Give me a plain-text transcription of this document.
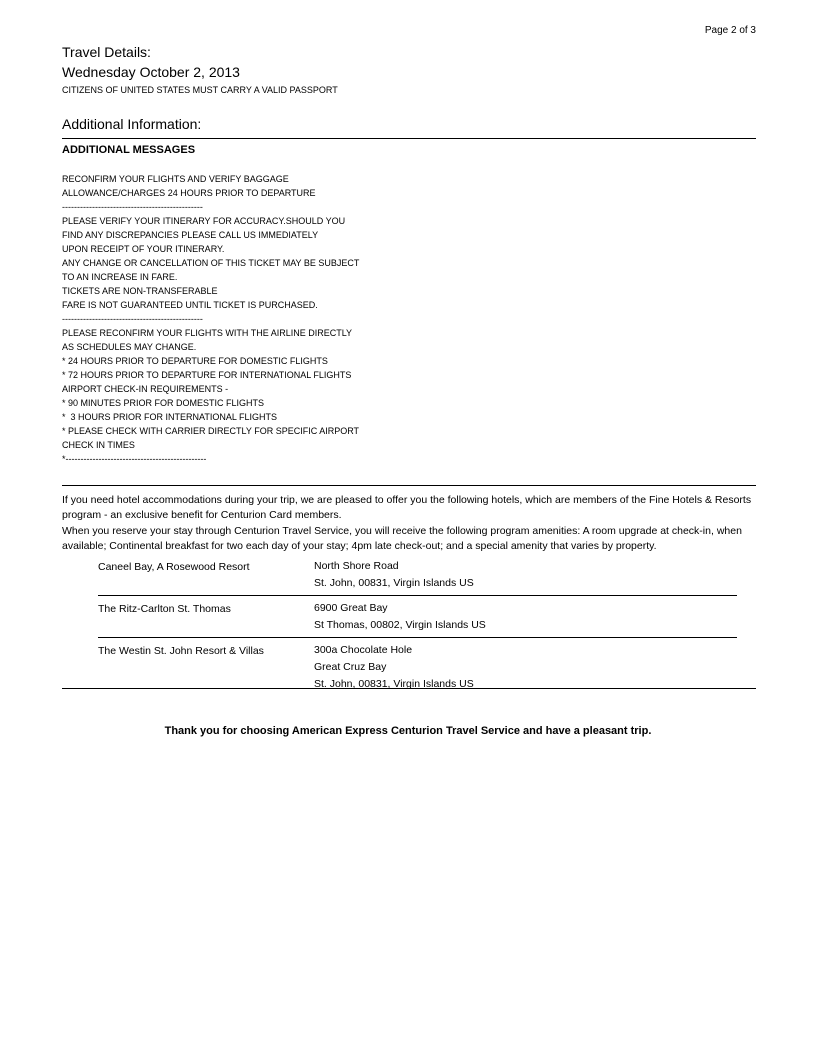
Page 2 of 3
Travel Details:
Wednesday October 2, 2013
CITIZENS OF UNITED STATES MUST CARRY A VALID PASSPORT
Additional Information:
ADDITIONAL MESSAGES
RECONFIRM YOUR FLIGHTS AND VERIFY BAGGAGE
ALLOWANCE/CHARGES 24 HOURS PRIOR TO DEPARTURE
-----------------------------------------------
PLEASE VERIFY YOUR ITINERARY FOR ACCURACY.SHOULD YOU
FIND ANY DISCREPANCIES PLEASE CALL US IMMEDIATELY
UPON RECEIPT OF YOUR ITINERARY.
ANY CHANGE OR CANCELLATION OF THIS TICKET MAY BE SUBJECT
TO AN INCREASE IN FARE.
TICKETS ARE NON-TRANSFERABLE
FARE IS NOT GUARANTEED UNTIL TICKET IS PURCHASED.
-----------------------------------------------
PLEASE RECONFIRM YOUR FLIGHTS WITH THE AIRLINE DIRECTLY
AS SCHEDULES MAY CHANGE.
* 24 HOURS PRIOR TO DEPARTURE FOR DOMESTIC FLIGHTS
* 72 HOURS PRIOR TO DEPARTURE FOR INTERNATIONAL FLIGHTS
AIRPORT CHECK-IN REQUIREMENTS -
* 90 MINUTES PRIOR FOR DOMESTIC FLIGHTS
*  3 HOURS PRIOR FOR INTERNATIONAL FLIGHTS
* PLEASE CHECK WITH CARRIER DIRECTLY FOR SPECIFIC AIRPORT
CHECK IN TIMES
*-----------------------------------------------

If you need hotel accommodations during your trip, we are pleased to offer you the following hotels, which are members of the Fine Hotels & Resorts program - an exclusive benefit for Centurion Card members.

When you reserve your stay through Centurion Travel Service, you will receive the following program amenities: A room upgrade at check-in, when available; Continental breakfast for two each day of your stay; 4pm late check-out; and a special amenity that varies by property.

Caneel Bay, A Rosewood Resort	North Shore Road
St. John, 00831, Virgin Islands US
The Ritz-Carlton St. Thomas	6900 Great Bay
St Thomas, 00802, Virgin Islands US
The Westin St. John Resort & Villas	300a Chocolate Hole
Great Cruz Bay
St. John, 00831, Virgin Islands US
Thank you for choosing American Express Centurion Travel Service and have a pleasant trip.
